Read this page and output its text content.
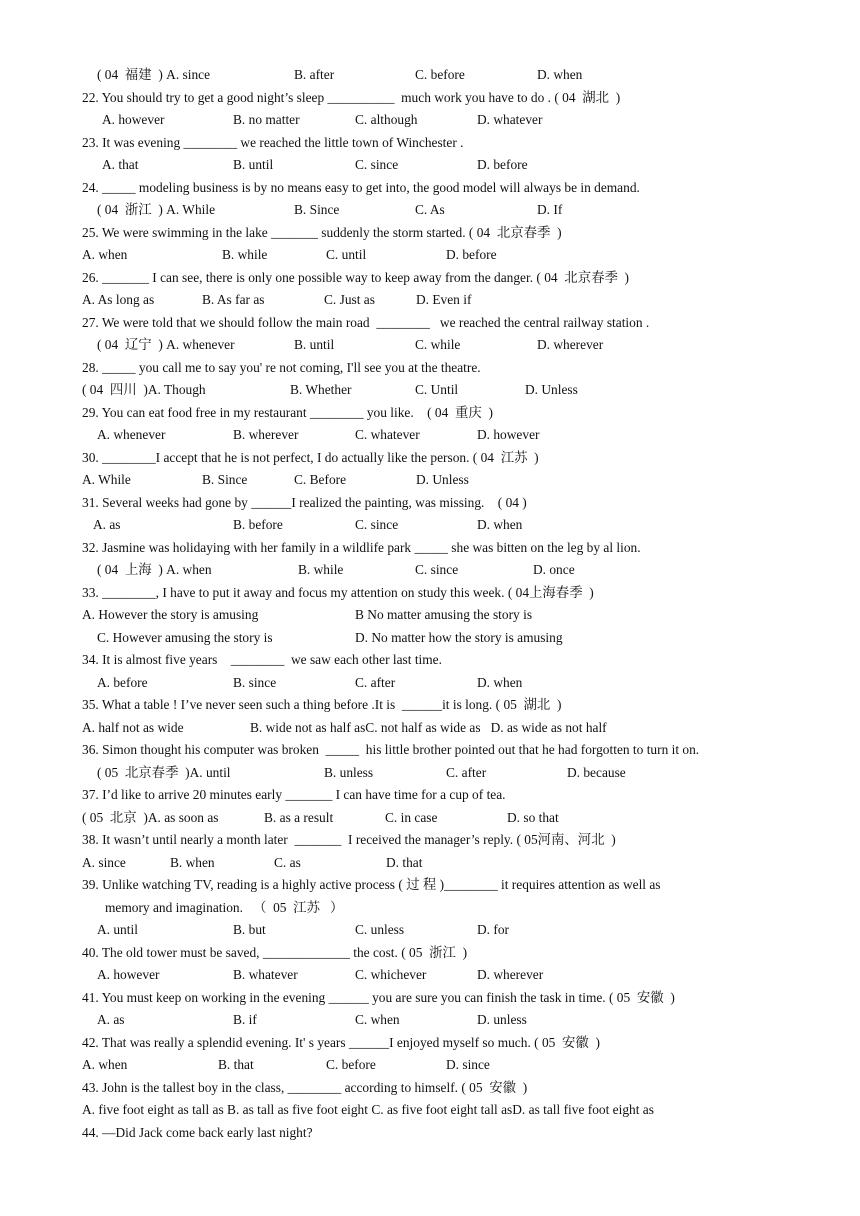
( 04  福建  ) A. since	B. after	C. before	D. when
22. You should try to get a good night’s sleep __________  much work you have to do . ( 04  湖北  )
A. however	B. no matter	C. although	D. whatever
23. It was evening ________ we reached the little town of Winchester .
A. that	B. until	C. since	D. before
24. _____ modeling business is by no means easy to get into, the good model will always be in demand.
( 04  浙江  ) A. While	B. Since	C. As	D. If
25. We were swimming in the lake _______ suddenly the storm started. ( 04  北京春季  )
A. when	B. while	C. until	D. before
26. _______ I can see, there is only one possible way to keep away from the danger. ( 04  北京春季  )
A. As long as	B. As far as	C. Just as	D. Even if
27. We were told that we should follow the main road  ________   we reached the central railway station .
( 04  辽宁  ) A. whenever	B. until	C. while	D. wherever
28. _____ you call me to say you' re not coming, I'll see you at the theatre.
( 04  四川  )A. Though	B. Whether	C. Until	D. Unless
29. You can eat food free in my restaurant ________ you like.    ( 04  重庆  )
A. whenever	B. wherever	C. whatever	D. however
30. ________I accept that he is not perfect, I do actually like the person. ( 04  江苏  )
A. While	B. Since	C. Before	D. Unless
31. Several weeks had gone by ______I realized the painting, was missing.    ( 04 )
A. as	B. before	C. since	D. when
32. Jasmine was holidaying with her family in a wildlife park _____ she was bitten on the leg by al lion.
( 04  上海  ) A. when	B. while	C. since	D. once
33. ________, I have to put it away and focus my attention on study this week. ( 04上海春季  )
A. However the story is amusing	B No matter amusing the story is
C. However amusing the story is	D. No matter how the story is amusing
34. It is almost five years    ________  we saw each other last time.
A. before	B. since	C. after	D. when
35. What a table ! I’ve never seen such a thing before .It is  ______it is long. ( 05  湖北  )
A. half not as wide	B. wide not as half asC. not half as wide as   D. as wide as not half
36. Simon thought his computer was broken  _____  his little brother pointed out that he had forgotten to turn it on.
( 05  北京春季  )A. until	B. unless	C. after	D. because
37. I’d like to arrive 20 minutes early _______ I can have time for a cup of tea.
( 05  北京  )A. as soon as	B. as a result	C. in case	D. so that
38. It wasn’t until nearly a month later  _______  I received the manager’s reply. ( 05河南、河北  )
A. since	B. when	C. as	D. that
39. Unlike watching TV, reading is a highly active process ( 过 程 )________ it requires attention as well as
memory and imagination.   （  05  江苏   ）
A. until	B. but	C. unless	D. for
40. The old tower must be saved, _____________ the cost. ( 05  浙江  )
A. however	B. whatever	C. whichever	D. wherever
41. You must keep on working in the evening ______ you are sure you can finish the task in time. ( 05  安徽  )
A. as	B. if	C. when	D. unless
42. That was really a splendid evening. It' s years ______I enjoyed myself so much. ( 05  安徽  )
A. when	B. that	C. before	D. since
43. John is the tallest boy in the class, ________ according to himself. ( 05  安徽  )
A. five foot eight as tall as B. as tall as five foot eight C. as five foot eight tall asD. as tall five foot eight as
44. —Did Jack come back early last night?
